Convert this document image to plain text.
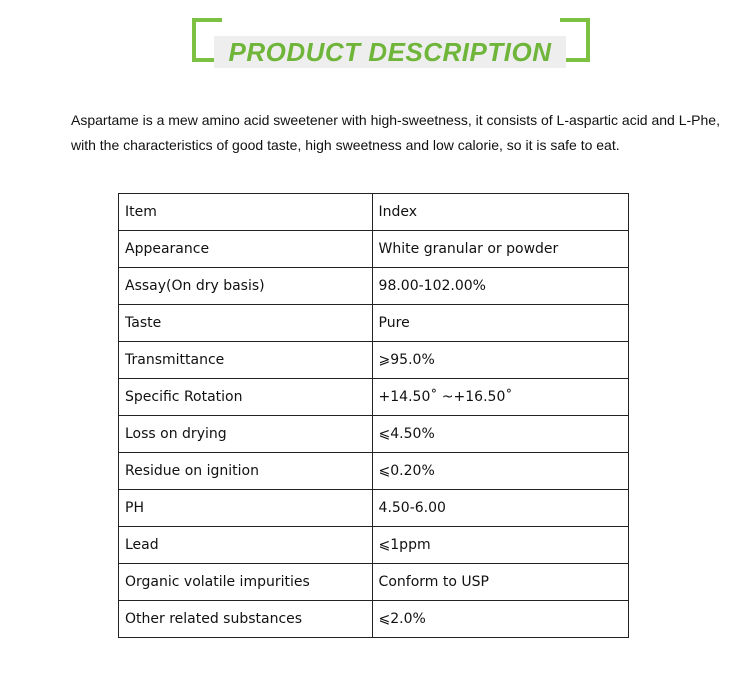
PRODUCT DESCRIPTION
Aspartame is a mew amino acid sweetener with high-sweetness, it consists of L-aspartic acid and L-Phe, with the characteristics of good taste, high sweetness and low calorie, so it is safe to eat.
Item	Index
Appearance	White granular or powder
Assay(On dry basis)	98.00-102.00%
Taste	Pure
Transmittance	⩾95.0%
Specific Rotation	+14.50˚ ~+16.50˚
Loss on drying	⩽4.50%
Residue on ignition	⩽0.20%
PH	4.50-6.00
Lead	⩽1ppm
Organic volatile impurities	Conform to USP
Other related substances	⩽2.0%
